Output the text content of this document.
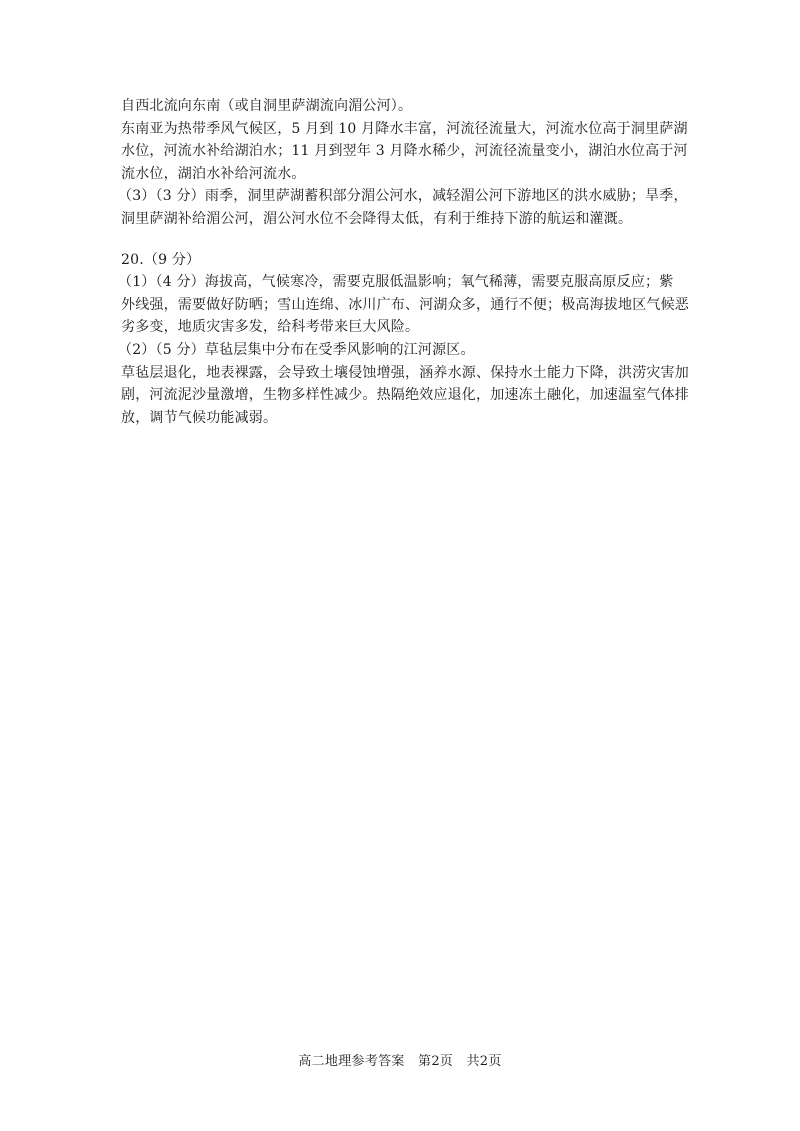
自西北流向东南（或自洞里萨湖流向湄公河）。
东南亚为热带季风气候区，5 月到 10 月降水丰富，河流径流量大，河流水位高于洞里萨湖
水位，河流水补给湖泊水；11 月到翌年 3 月降水稀少，河流径流量变小，湖泊水位高于河
流水位，湖泊水补给河流水。
（3）（3 分）雨季，洞里萨湖蓄积部分湄公河水，减轻湄公河下游地区的洪水威胁；旱季，
洞里萨湖补给湄公河，湄公河水位不会降得太低，有利于维持下游的航运和灌溉。
20.（9 分）
（1）（4 分）海拔高，气候寒冷，需要克服低温影响；氧气稀薄，需要克服高原反应；紫
外线强，需要做好防晒；雪山连绵、冰川广布、河湖众多，通行不便；极高海拔地区气候恶
劣多变，地质灾害多发，给科考带来巨大风险。
（2）（5 分）草毡层集中分布在受季风影响的江河源区。
草毡层退化，地表裸露，会导致土壤侵蚀增强，涵养水源、保持水土能力下降，洪涝灾害加
剧，河流泥沙量激增，生物多样性减少。热隔绝效应退化，加速冻土融化，加速温室气体排
放，调节气候功能减弱。
高二地理参考答案   第2页   共2页
